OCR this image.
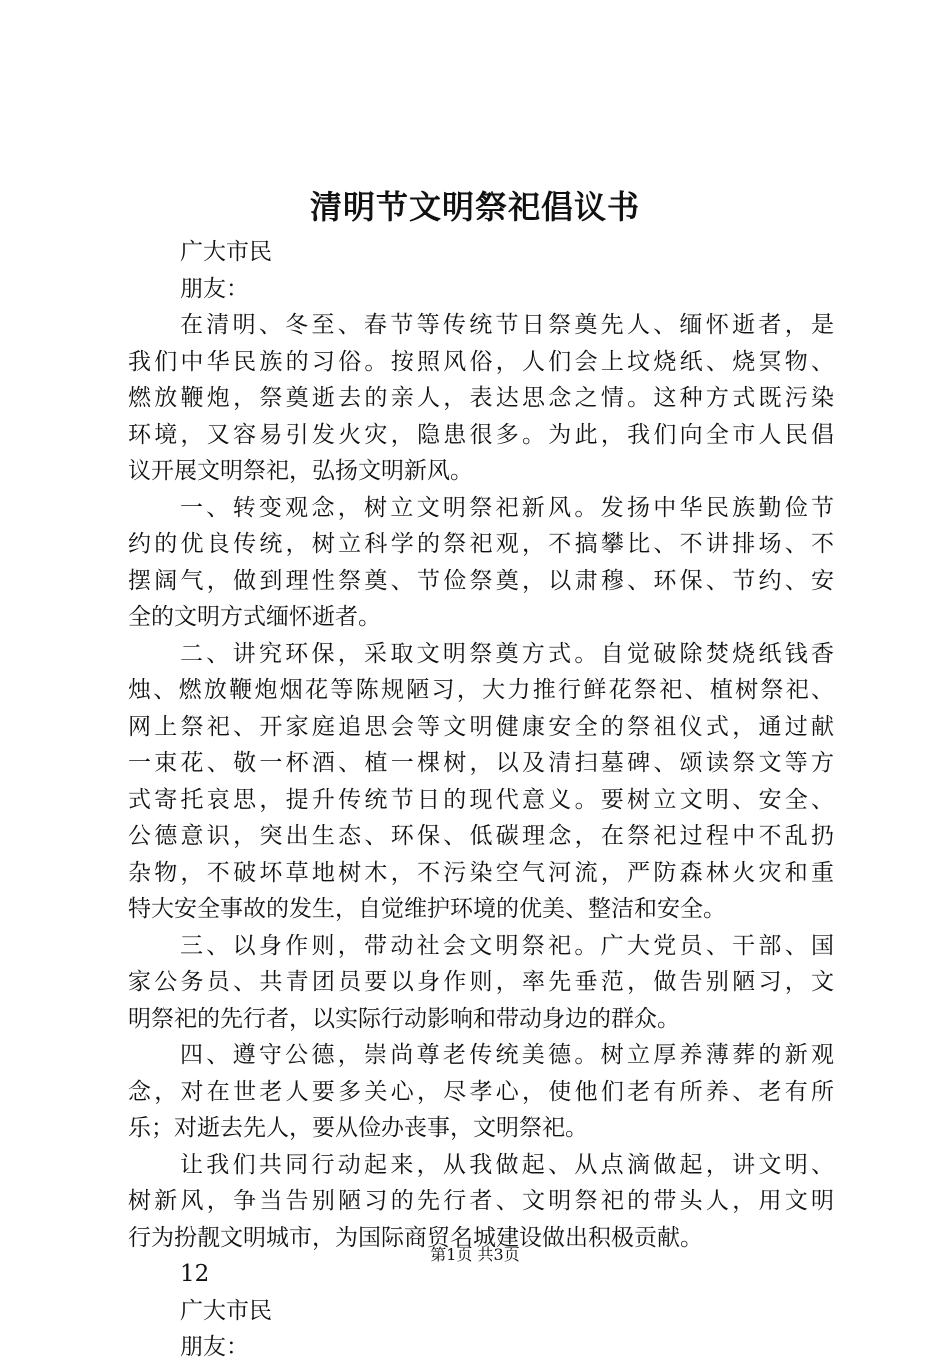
清明节文明祭祀倡议书
广大市民
朋友：
在清明、冬至、春节等传统节日祭奠先人、缅怀逝者，是
我们中华民族的习俗。按照风俗，人们会上坟烧纸、烧冥物、
燃放鞭炮，祭奠逝去的亲人，表达思念之情。这种方式既污染
环境，又容易引发火灾，隐患很多。为此，我们向全市人民倡
议开展文明祭祀，弘扬文明新风。
一、转变观念，树立文明祭祀新风。发扬中华民族勤俭节
约的优良传统，树立科学的祭祀观，不搞攀比、不讲排场、不
摆阔气，做到理性祭奠、节俭祭奠，以肃穆、环保、节约、安
全的文明方式缅怀逝者。
二、讲究环保，采取文明祭奠方式。自觉破除焚烧纸钱香
烛、燃放鞭炮烟花等陈规陋习，大力推行鲜花祭祀、植树祭祀、
网上祭祀、开家庭追思会等文明健康安全的祭祖仪式，通过献
一束花、敬一杯酒、植一棵树，以及清扫墓碑、颂读祭文等方
式寄托哀思，提升传统节日的现代意义。要树立文明、安全、
公德意识，突出生态、环保、低碳理念，在祭祀过程中不乱扔
杂物，不破坏草地树木，不污染空气河流，严防森林火灾和重
特大安全事故的发生，自觉维护环境的优美、整洁和安全。
三、以身作则，带动社会文明祭祀。广大党员、干部、国
家公务员、共青团员要以身作则，率先垂范，做告别陋习，文
明祭祀的先行者，以实际行动影响和带动身边的群众。
四、遵守公德，崇尚尊老传统美德。树立厚养薄葬的新观
念，对在世老人要多关心，尽孝心，使他们老有所养、老有所
乐；对逝去先人，要从俭办丧事，文明祭祀。
让我们共同行动起来，从我做起、从点滴做起，讲文明、
树新风，争当告别陋习的先行者、文明祭祀的带头人，用文明
行为扮靓文明城市，为国际商贸名城建设做出积极贡献。
12
广大市民
朋友：
第1页 共3页
